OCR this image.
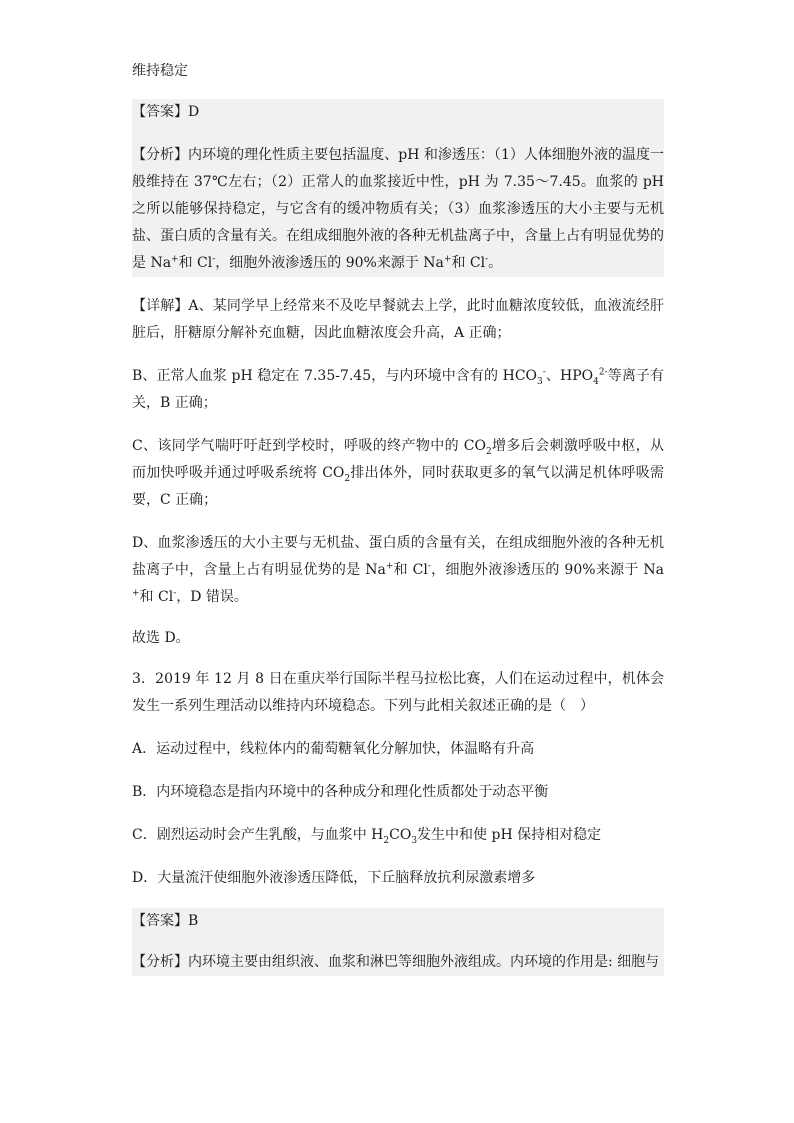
维持稳定

【答案】D

【分析】内环境的理化性质主要包括温度、pH 和渗透压：（1）人体细胞外液的温度一般维持在 37℃左右；（2）正常人的血浆接近中性，pH 为 7.35～7.45。血浆的 pH 之所以能够保持稳定，与它含有的缓冲物质有关；（3）血浆渗透压的大小主要与无机盐、蛋白质的含量有关。在组成细胞外液的各种无机盐离子中，含量上占有明显优势的是 Na+和 Cl-，细胞外液渗透压的 90%来源于 Na+和 Cl-。

【详解】A、某同学早上经常来不及吃早餐就去上学，此时血糖浓度较低，血液流经肝脏后，肝糖原分解补充血糖，因此血糖浓度会升高，A 正确；

B、正常人血浆 pH 稳定在 7.35-7.45，与内环境中含有的 $HCO_3^-$、$HPO_4^{2-}$等离子有关，B 正确；

C、该同学气喘吁吁赶到学校时，呼吸的终产物中的 $CO_2$增多后会刺激呼吸中枢，从而加快呼吸并通过呼吸系统将 $CO_2$排出体外，同时获取更多的氧气以满足机体呼吸需要，C 正确；

D、血浆渗透压的大小主要与无机盐、蛋白质的含量有关，在组成细胞外液的各种无机盐离子中，含量上占有明显优势的是 Na+和 Cl-，细胞外液渗透压的 90%来源于 Na+和 Cl-，D 错误。

故选 D。

3．2019 年 12 月 8 日在重庆举行国际半程马拉松比赛，人们在运动过程中，机体会发生一系列生理活动以维持内环境稳态。下列与此相关叙述正确的是（　）

A．运动过程中，线粒体内的葡萄糖氧化分解加快，体温略有升高

B．内环境稳态是指内环境中的各种成分和理化性质都处于动态平衡

C．剧烈运动时会产生乳酸，与血浆中 $H_2CO_3$发生中和使 pH 保持相对稳定

D．大量流汗使细胞外液渗透压降低，下丘脑释放抗利尿激素增多

【答案】B

【分析】内环境主要由组织液、血浆和淋巴等细胞外液组成。内环境的作用是: 细胞与
